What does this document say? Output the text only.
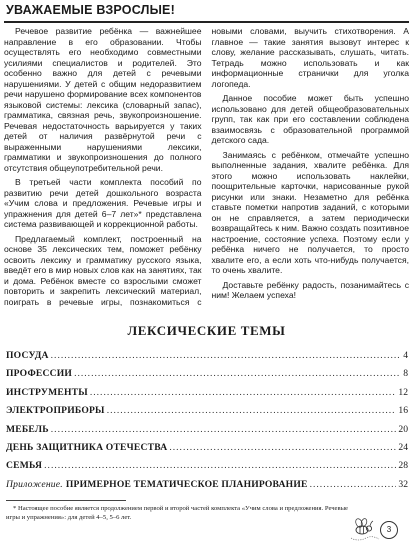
УВАЖАЕМЫЕ ВЗРОСЛЫЕ!

Речевое развитие ребёнка — важнейшее направление в его образовании. Чтобы осуществлять его необходимо совместными усилиями специалистов и родителей. Это особенно важно для детей с речевыми нарушениями. У детей с общим недоразвитием речи нарушено формирование всех компонентов языковой системы: лексика (словарный запас), грамматика, связная речь, звукопроизношение. Речевая недостаточность варьируется у таких детей от наличия развёрнутой речи с выраженными нарушениями лексики, грамматики и звукопроизношения до полного отсутствия общеупотребительной речи.

В третьей части комплекта пособий по развитию речи детей дошкольного возраста «Учим слова и предложения. Речевые игры и упражнения для детей 6–7 лет»* представлена система развивающей и коррекционной работы.

Предлагаемый комплект, построенный на основе 35 лексических тем, поможет ребёнку освоить лексику и грамматику русского языка, введёт его в мир новых слов как на занятиях, так и дома. Ребёнок вместе со взрослыми сможет повторить и закрепить лексический материал, поиграть в речевые игры, познакомиться с новыми словами, выучить стихотворения. А главное — такие занятия вызовут интерес к слову, желание рассказывать, слушать, читать. Тетрадь можно использовать и как информационные странички для уголка логопеда.

Данное пособие может быть успешно использовано для детей общеобразовательных групп, так как при его составлении соблюдена взаимосвязь с образовательной программой детского сада.

Занимаясь с ребёнком, отмечайте успешно выполненные задания, хвалите ребёнка. Для этого можно использовать наклейки, поощрительные карточки, нарисованные рукой рисунки или знаки. Незаметно для ребёнка ставьте пометки напротив заданий, с которыми он не справляется, а затем периодически возвращайтесь к ним. Важно создать позитивное настроение, состояние успеха. Поэтому если у ребёнка ничего не получается, то просто хвалите его, а если хоть что-нибудь получается, то очень хвалите.

Доставьте ребёнку радость, позанимайтесь с ним! Желаем успеха!

ЛЕКСИЧЕСКИЕ ТЕМЫ
ПОСУДА .....	4
ПРОФЕССИИ .....	8
ИНСТРУМЕНТЫ .....	12
ЭЛЕКТРОПРИБОРЫ .....	16
МЕБЕЛЬ .....	20
ДЕНЬ ЗАЩИТНИКА ОТЕЧЕСТВА .....	24
СЕМЬЯ .....	28
Приложение. ПРИМЕРНОЕ ТЕМАТИЧЕСКОЕ ПЛАНИРОВАНИЕ .....	32

* Настоящее пособие является продолжением первой и второй частей комплекта «Учим слова и предложения. Речевые игры и упражнения»: для детей 4–5, 5–6 лет.

3
